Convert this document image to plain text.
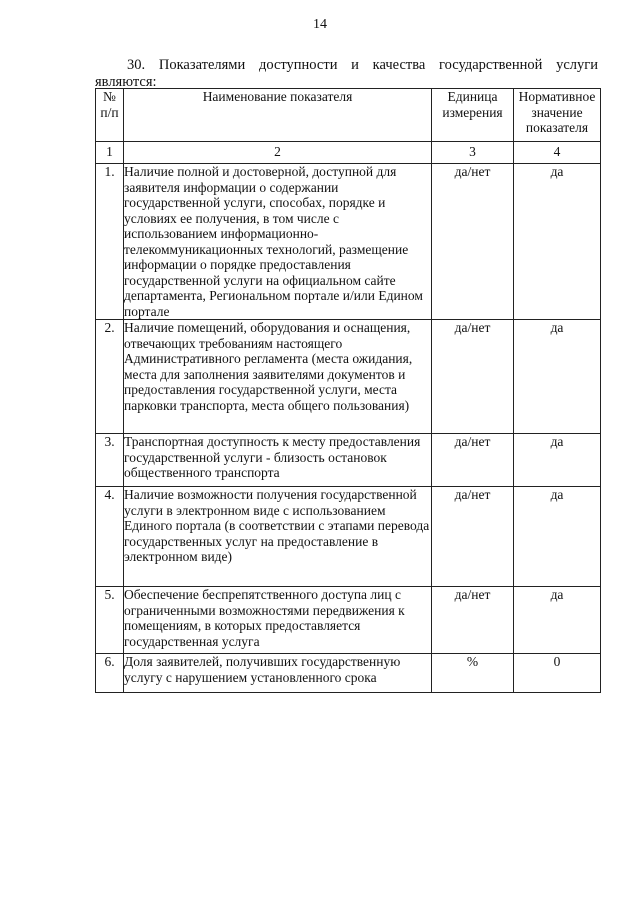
14

30. Показателями доступности и качества государственной услуги являются:

№ п/п	Наименование показателя	Единица измерения	Нормативное значение показателя
1	2	3	4
1.	Наличие полной и достоверной, доступной для заявителя информации о содержании государственной услуги, способах, порядке и условиях ее получения, в том числе с использованием информационно-телекоммуникационных технологий, размещение информации о порядке предоставления государственной услуги на официальном сайте департамента, Региональном портале и/или Едином портале	да/нет	да
2.	Наличие помещений, оборудования и оснащения, отвечающих требованиям настоящего Административного регламента (места ожидания, места для заполнения заявителями документов и предоставления государственной услуги, места парковки транспорта, места общего пользования)	да/нет	да
3.	Транспортная доступность к месту предоставления государственной услуги - близость остановок общественного транспорта	да/нет	да
4.	Наличие возможности получения государственной услуги в электронном виде с использованием Единого портала (в соответствии с этапами перевода государственных услуг на предоставление в электронном виде)	да/нет	да
5.	Обеспечение беспрепятственного доступа лиц с ограниченными возможностями передвижения к помещениям, в которых предоставляется государственная услуга	да/нет	да
6.	Доля заявителей, получивших государственную услугу с нарушением установленного срока	%	0
